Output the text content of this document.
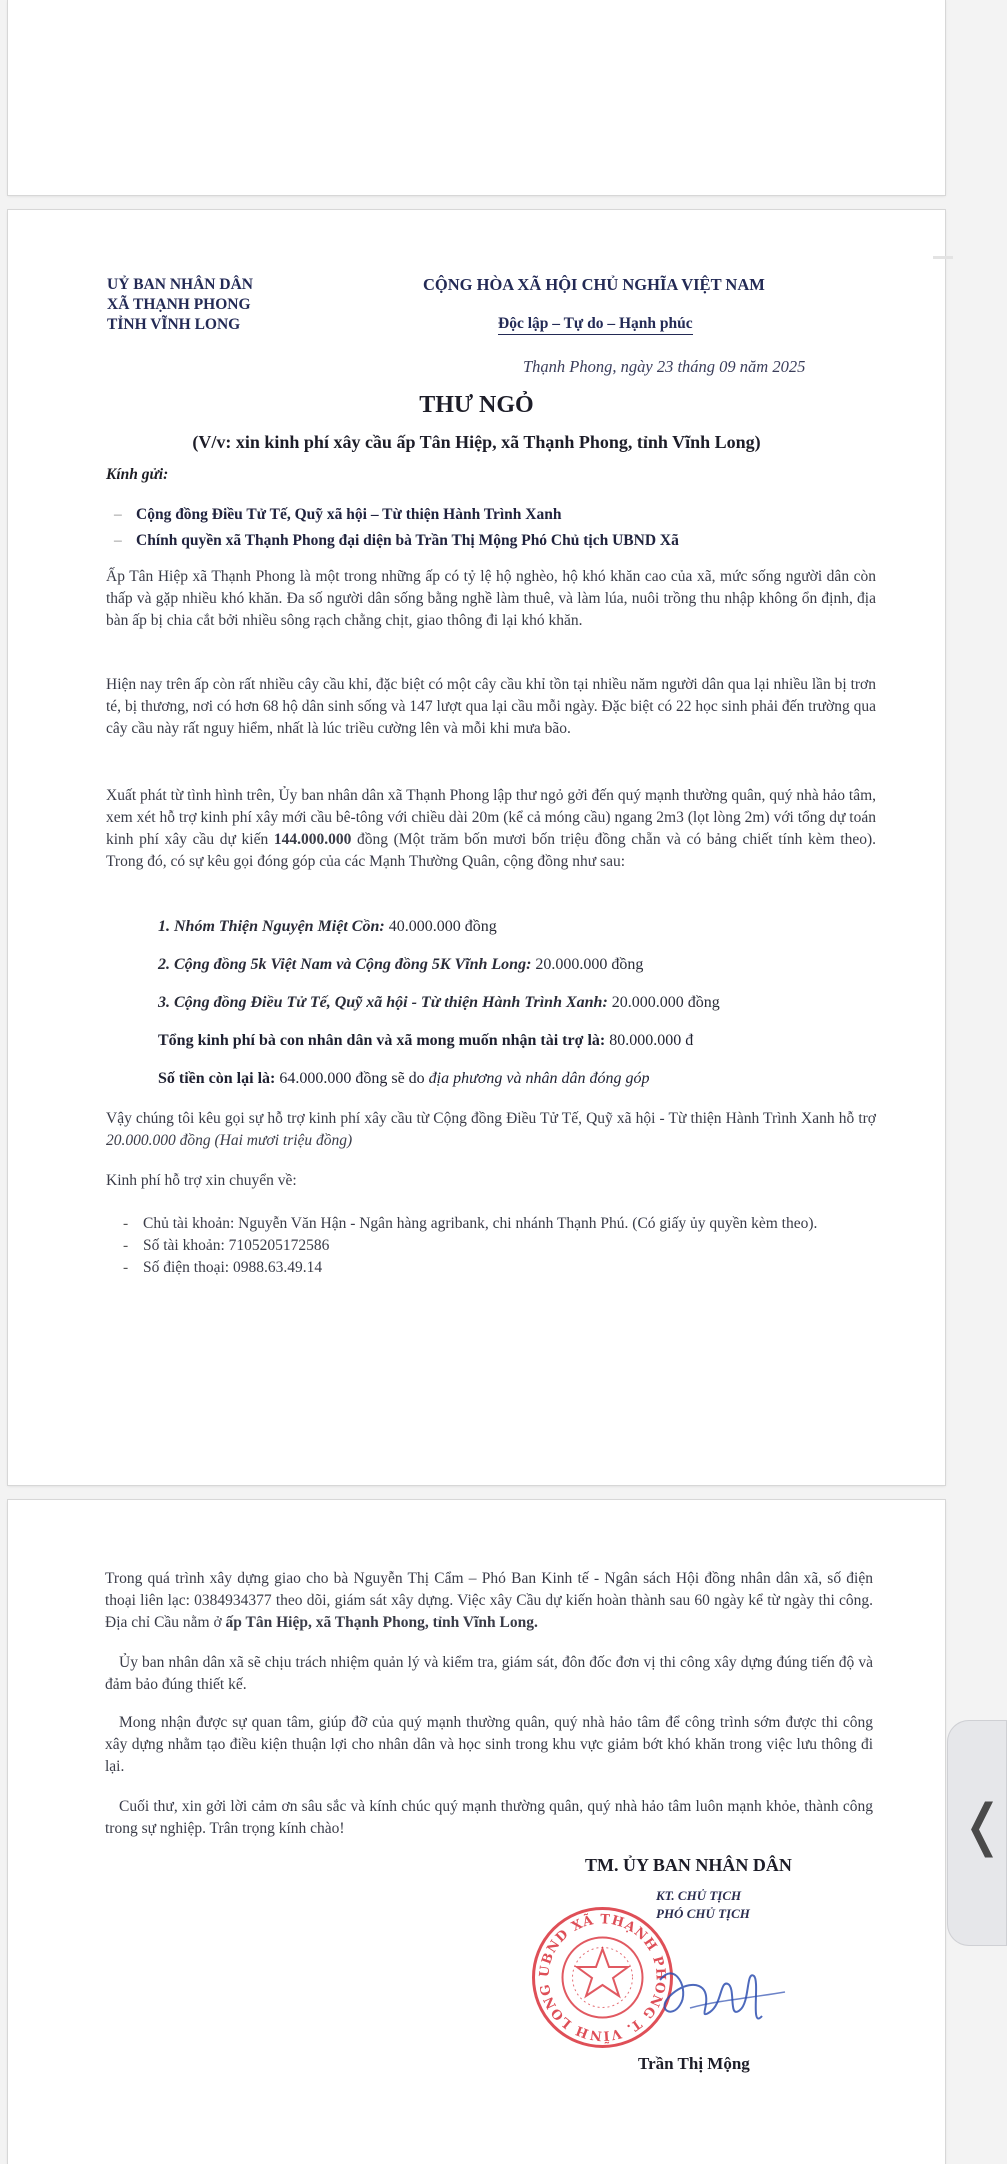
UỶ BAN NHÂN DÂN
XÃ THẠNH PHONG
TỈNH VĨNH LONG
CỘNG HÒA XÃ HỘI CHỦ NGHĨA VIỆT NAM
Độc lập – Tự do – Hạnh phúc
Thạnh Phong, ngày 23 tháng 09 năm 2025
THƯ NGỎ
(V/v: xin kinh phí xây cầu ấp Tân Hiệp, xã Thạnh Phong, tỉnh Vĩnh Long)
Kính gửi:
– Cộng đồng Điều Tử Tế, Quỹ xã hội – Từ thiện Hành Trình Xanh
– Chính quyền xã Thạnh Phong đại diện bà Trần Thị Mộng Phó Chủ tịch UBND Xã

Ấp Tân Hiệp xã Thạnh Phong là một trong những ấp có tỷ lệ hộ nghèo, hộ khó khăn cao của xã, mức sống người dân còn thấp và gặp nhiều khó khăn. Đa số người dân sống bằng nghề làm thuê, và làm lúa, nuôi trồng thu nhập không ổn định, địa bàn ấp bị chia cắt bởi nhiều sông rạch chằng chịt, giao thông đi lại khó khăn.

Hiện nay trên ấp còn rất nhiều cây cầu khỉ, đặc biệt có một cây cầu khỉ tồn tại nhiều năm người dân qua lại nhiều lần bị trơn té, bị thương, nơi có hơn 68 hộ dân sinh sống và 147 lượt qua lại cầu mỗi ngày. Đặc biệt có 22 học sinh phải đến trường qua cây cầu này rất nguy hiểm, nhất là lúc triều cường lên và mỗi khi mưa bão.

Xuất phát từ tình hình trên, Ủy ban nhân dân xã Thạnh Phong lập thư ngỏ gởi đến quý mạnh thường quân, quý nhà hảo tâm, xem xét hỗ trợ kinh phí xây mới cầu bê-tông với chiều dài 20m (kể cả móng cầu) ngang 2m3 (lọt lòng 2m) với tổng dự toán kinh phí xây cầu dự kiến 144.000.000 đồng (Một trăm bốn mươi bốn triệu đồng chẵn và có bảng chiết tính kèm theo). Trong đó, có sự kêu gọi đóng góp của các Mạnh Thường Quân, cộng đồng như sau:

1. Nhóm Thiện Nguyện Miệt Cồn: 40.000.000 đồng
2. Cộng đồng 5k Việt Nam và Cộng đồng 5K Vĩnh Long: 20.000.000 đồng
3. Cộng đồng Điều Tử Tế, Quỹ xã hội - Từ thiện Hành Trình Xanh: 20.000.000 đồng
Tổng kinh phí bà con nhân dân và xã mong muốn nhận tài trợ là: 80.000.000 đ
Số tiền còn lại là: 64.000.000 đồng sẽ do địa phương và nhân dân đóng góp

Vậy chúng tôi kêu gọi sự hỗ trợ kinh phí xây cầu từ Cộng đồng Điều Tử Tế, Quỹ xã hội - Từ thiện Hành Trình Xanh hỗ trợ 20.000.000 đồng (Hai mươi triệu đồng)

Kinh phí hỗ trợ xin chuyển về:
- Chủ tài khoản: Nguyễn Văn Hận - Ngân hàng agribank, chi nhánh Thạnh Phú. (Có giấy ủy quyền kèm theo).
- Số tài khoản: 7105205172586
- Số điện thoại: 0988.63.49.14

Trong quá trình xây dựng giao cho bà Nguyễn Thị Cẩm – Phó Ban Kinh tế - Ngân sách Hội đồng nhân dân xã, số điện thoại liên lạc: 0384934377 theo dõi, giám sát xây dựng. Việc xây Cầu dự kiến hoàn thành sau 60 ngày kể từ ngày thi công. Địa chỉ Cầu nằm ở ấp Tân Hiệp, xã Thạnh Phong, tỉnh Vĩnh Long.

Ủy ban nhân dân xã sẽ chịu trách nhiệm quản lý và kiểm tra, giám sát, đôn đốc đơn vị thi công xây dựng đúng tiến độ và đảm bảo đúng thiết kế.

Mong nhận được sự quan tâm, giúp đỡ của quý mạnh thường quân, quý nhà hảo tâm để công trình sớm được thi công xây dựng nhằm tạo điều kiện thuận lợi cho nhân dân và học sinh trong khu vực giảm bớt khó khăn trong việc lưu thông đi lại.

Cuối thư, xin gởi lời cảm ơn sâu sắc và kính chúc quý mạnh thường quân, quý nhà hảo tâm luôn mạnh khỏe, thành công trong sự nghiệp. Trân trọng kính chào!

TM. ỦY BAN NHÂN DÂN
KT. CHỦ TỊCH
PHÓ CHỦ TỊCH
UBND XÃ THẠNH PHONG T. VĨNH LONG
Trần Thị Mộng
❬
